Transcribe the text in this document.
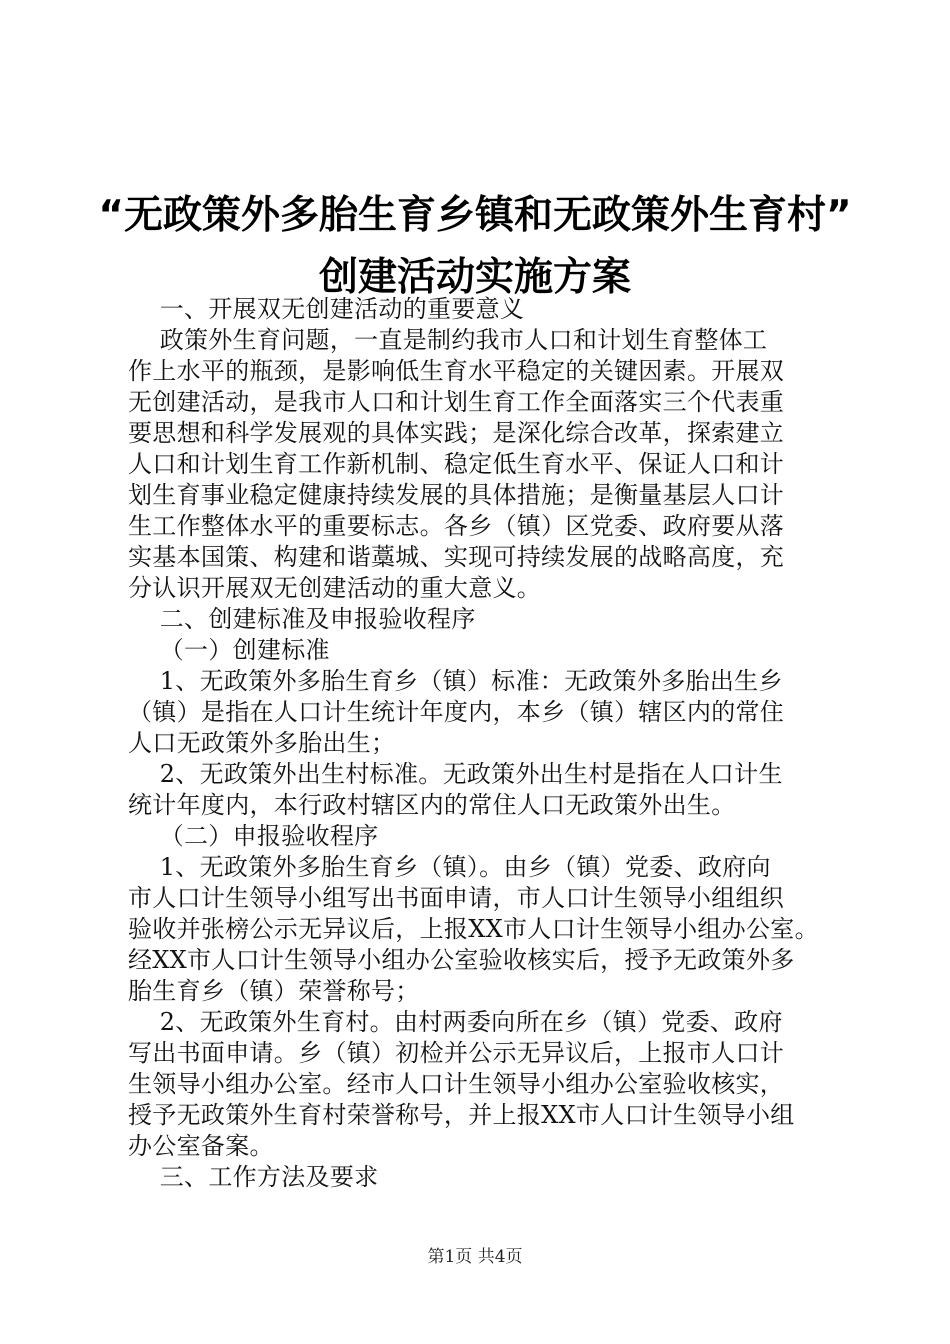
“无政策外多胎生育乡镇和无政策外生育村”
创建活动实施方案
一、开展双无创建活动的重要意义
政策外生育问题，一直是制约我市人口和计划生育整体工
作上水平的瓶颈，是影响低生育水平稳定的关键因素。开展双
无创建活动，是我市人口和计划生育工作全面落实三个代表重
要思想和科学发展观的具体实践；是深化综合改革，探索建立
人口和计划生育工作新机制、稳定低生育水平、保证人口和计
划生育事业稳定健康持续发展的具体措施；是衡量基层人口计
生工作整体水平的重要标志。各乡（镇）区党委、政府要从落
实基本国策、构建和谐藁城、实现可持续发展的战略高度，充
分认识开展双无创建活动的重大意义。
二、创建标准及申报验收程序
（一）创建标准
1、无政策外多胎生育乡（镇）标准：无政策外多胎出生乡
（镇）是指在人口计生统计年度内，本乡（镇）辖区内的常住
人口无政策外多胎出生；
2、无政策外出生村标准。无政策外出生村是指在人口计生
统计年度内，本行政村辖区内的常住人口无政策外出生。
（二）申报验收程序
1、无政策外多胎生育乡（镇）。由乡（镇）党委、政府向
市人口计生领导小组写出书面申请，市人口计生领导小组组织
验收并张榜公示无异议后，上报XX市人口计生领导小组办公室。
经XX市人口计生领导小组办公室验收核实后，授予无政策外多
胎生育乡（镇）荣誉称号；
2、无政策外生育村。由村两委向所在乡（镇）党委、政府
写出书面申请。乡（镇）初检并公示无异议后，上报市人口计
生领导小组办公室。经市人口计生领导小组办公室验收核实，
授予无政策外生育村荣誉称号，并上报XX市人口计生领导小组
办公室备案。
三、工作方法及要求
第1页 共4页
